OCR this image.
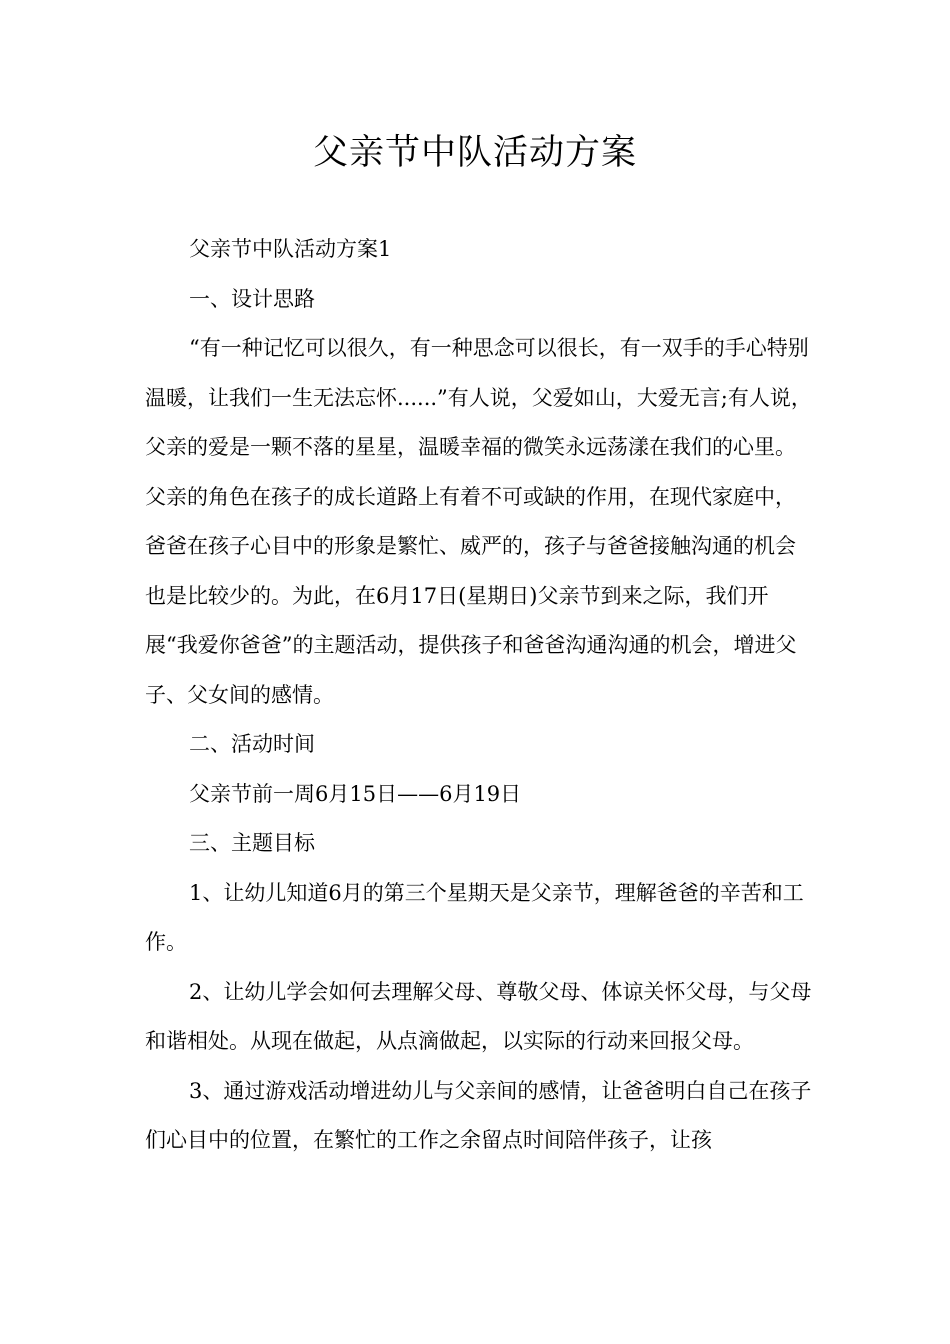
父亲节中队活动方案

父亲节中队活动方案1

一、设计思路

“有一种记忆可以很久，有一种思念可以很长，有一双手的手心特别温暖，让我们一生无法忘怀......”有人说，父爱如山，大爱无言;有人说，父亲的爱是一颗不落的星星，温暖幸福的微笑永远荡漾在我们的心里。父亲的角色在孩子的成长道路上有着不可或缺的作用，在现代家庭中，爸爸在孩子心目中的形象是繁忙、威严的，孩子与爸爸接触沟通的机会也是比较少的。为此，在6月17日(星期日)父亲节到来之际，我们开展“我爱你爸爸”的主题活动，提供孩子和爸爸沟通沟通的机会，增进父子、父女间的感情。

二、活动时间

父亲节前一周6月15日——6月19日

三、主题目标

1、让幼儿知道6月的第三个星期天是父亲节，理解爸爸的辛苦和工作。

2、让幼儿学会如何去理解父母、尊敬父母、体谅关怀父母，与父母和谐相处。从现在做起，从点滴做起，以实际的行动来回报父母。

3、通过游戏活动增进幼儿与父亲间的感情，让爸爸明白自己在孩子们心目中的位置，在繁忙的工作之余留点时间陪伴孩子，让孩
